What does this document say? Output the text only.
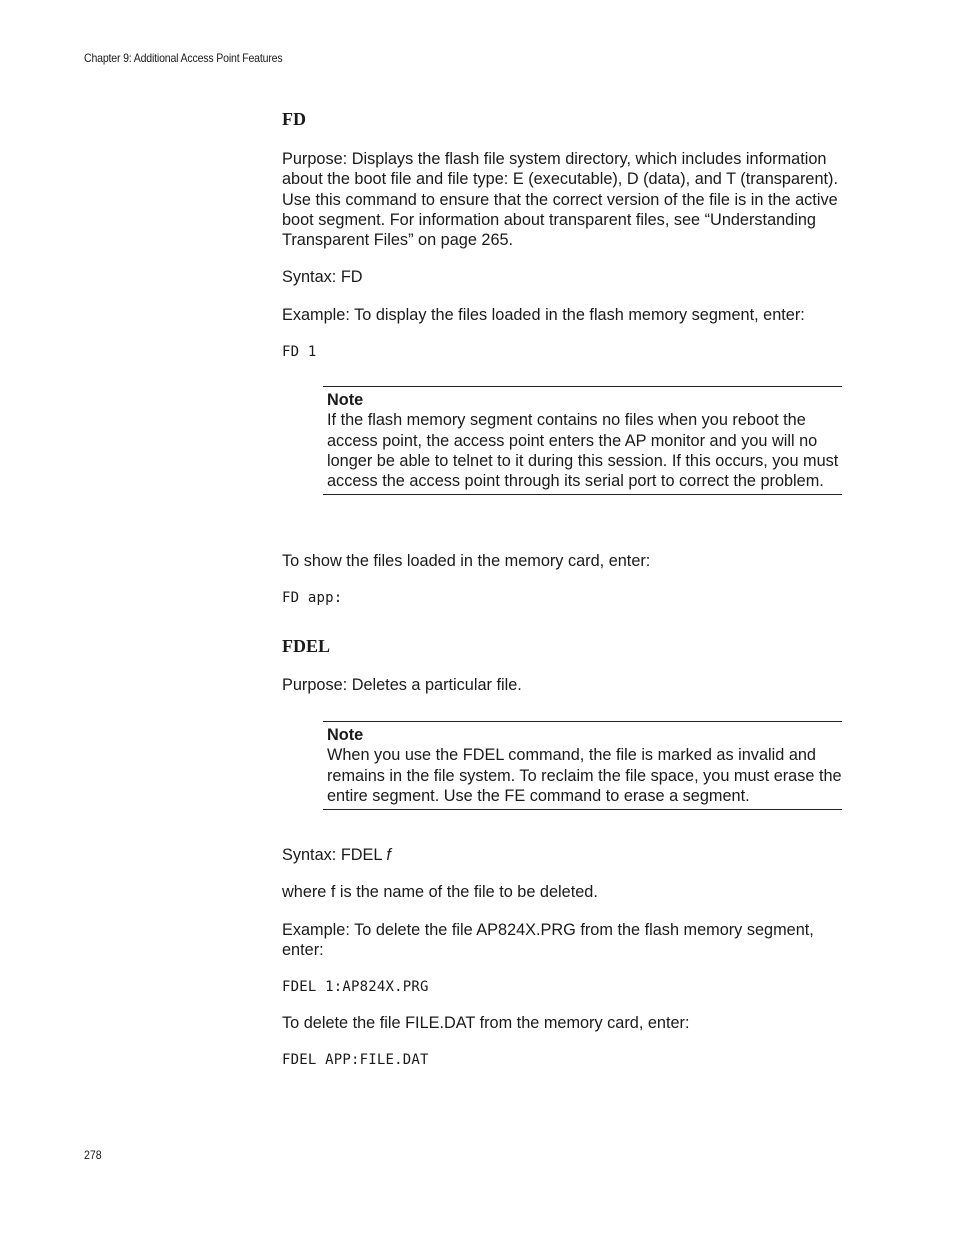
Chapter 9: Additional Access Point Features
FD
Purpose: Displays the flash file system directory, which includes information about the boot file and file type: E (executable), D (data), and T (transparent). Use this command to ensure that the correct version of the file is in the active boot segment. For information about transparent files, see “Understanding Transparent Files” on page 265.
Syntax: FD
Example: To display the files loaded in the flash memory segment, enter:
FD 1
Note
If the flash memory segment contains no files when you reboot the access point, the access point enters the AP monitor and you will no longer be able to telnet to it during this session. If this occurs, you must access the access point through its serial port to correct the problem.
To show the files loaded in the memory card, enter:
FD app:
FDEL
Purpose: Deletes a particular file.
Note
When you use the FDEL command, the file is marked as invalid and remains in the file system. To reclaim the file space, you must erase the entire segment. Use the FE command to erase a segment.
Syntax: FDEL f
where f is the name of the file to be deleted.
Example: To delete the file AP824X.PRG from the flash memory segment, enter:
FDEL 1:AP824X.PRG
To delete the file FILE.DAT from the memory card, enter:
FDEL APP:FILE.DAT
278
